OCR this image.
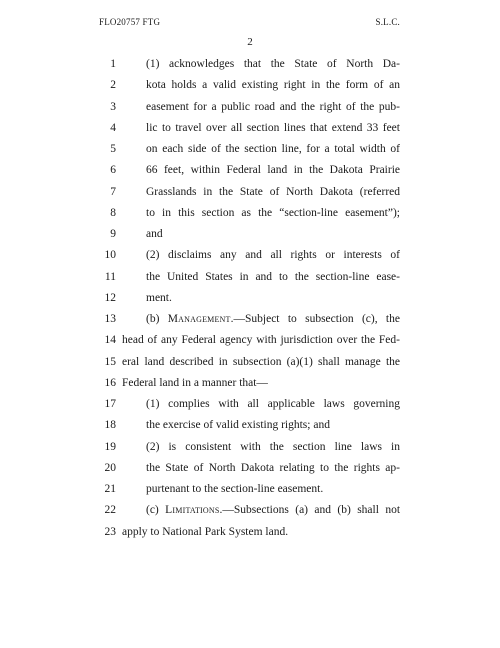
FLO20757 FTG	S.L.C.
2
1	(1) acknowledges that the State of North Da-
2	kota holds a valid existing right in the form of an
3	easement for a public road and the right of the pub-
4	lic to travel over all section lines that extend 33 feet
5	on each side of the section line, for a total width of
6	66 feet, within Federal land in the Dakota Prairie
7	Grasslands in the State of North Dakota (referred
8	to in this section as the “section-line easement”);
9	and
10	(2) disclaims any and all rights or interests of
11	the United States in and to the section-line ease-
12	ment.
13	(b) Management.—Subject to subsection (c), the
14 head of any Federal agency with jurisdiction over the Fed-
15 eral land described in subsection (a)(1) shall manage the
16 Federal land in a manner that—
17	(1) complies with all applicable laws governing
18	the exercise of valid existing rights; and
19	(2) is consistent with the section line laws in
20	the State of North Dakota relating to the rights ap-
21	purtenant to the section-line easement.
22	(c) Limitations.—Subsections (a) and (b) shall not
23 apply to National Park System land.
